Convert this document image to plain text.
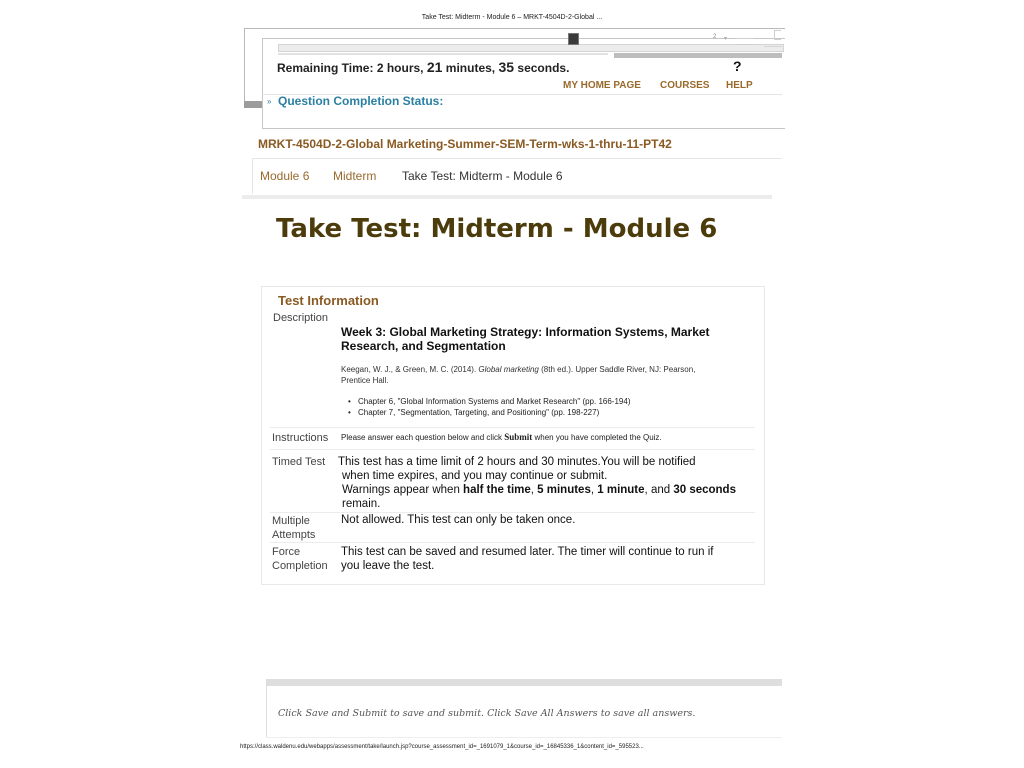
Take Test: Midterm - Module 6 – MRKT-4504D-2-Global ...
https://class.waldenu.edu/webapps/assessment/take/launch.jsp?course_assessment_id=_1691079_1&course_id=_16845336_1&content_id=_595523...
2 ▾
Remaining Time: 2 hours, 21 minutes, 35 seconds.	?
MY HOME PAGE COURSES HELP
» Question Completion Status:
MRKT-4504D-2-Global Marketing-Summer-SEM-Term-wks-1-thru-11-PT42
Module 6 Midterm Take Test: Midterm - Module 6
Take Test: Midterm - Module 6
Test Information
Description
Week 3: Global Marketing Strategy: Information Systems, Market Research, and Segmentation
Keegan, W. J., & Green, M. C. (2014). Global marketing (8th ed.). Upper Saddle River, NJ: Pearson, Prentice Hall.
• Chapter 6, "Global Information Systems and Market Research" (pp. 166-194)
• Chapter 7, "Segmentation, Targeting, and Positioning" (pp. 198-227)
Instructions Please answer each question below and click Submit when you have completed the Quiz.
Timed Test This test has a time limit of 2 hours and 30 minutes.You will be notified
when time expires, and you may continue or submit.
Warnings appear when half the time, 5 minutes, 1 minute, and 30 seconds remain.
Multiple
Attempts
Not allowed. This test can only be taken once.
Force
Completion
This test can be saved and resumed later. The timer will continue to run if
you leave the test.
Click Save and Submit to save and submit. Click Save All Answers to save all answers.
